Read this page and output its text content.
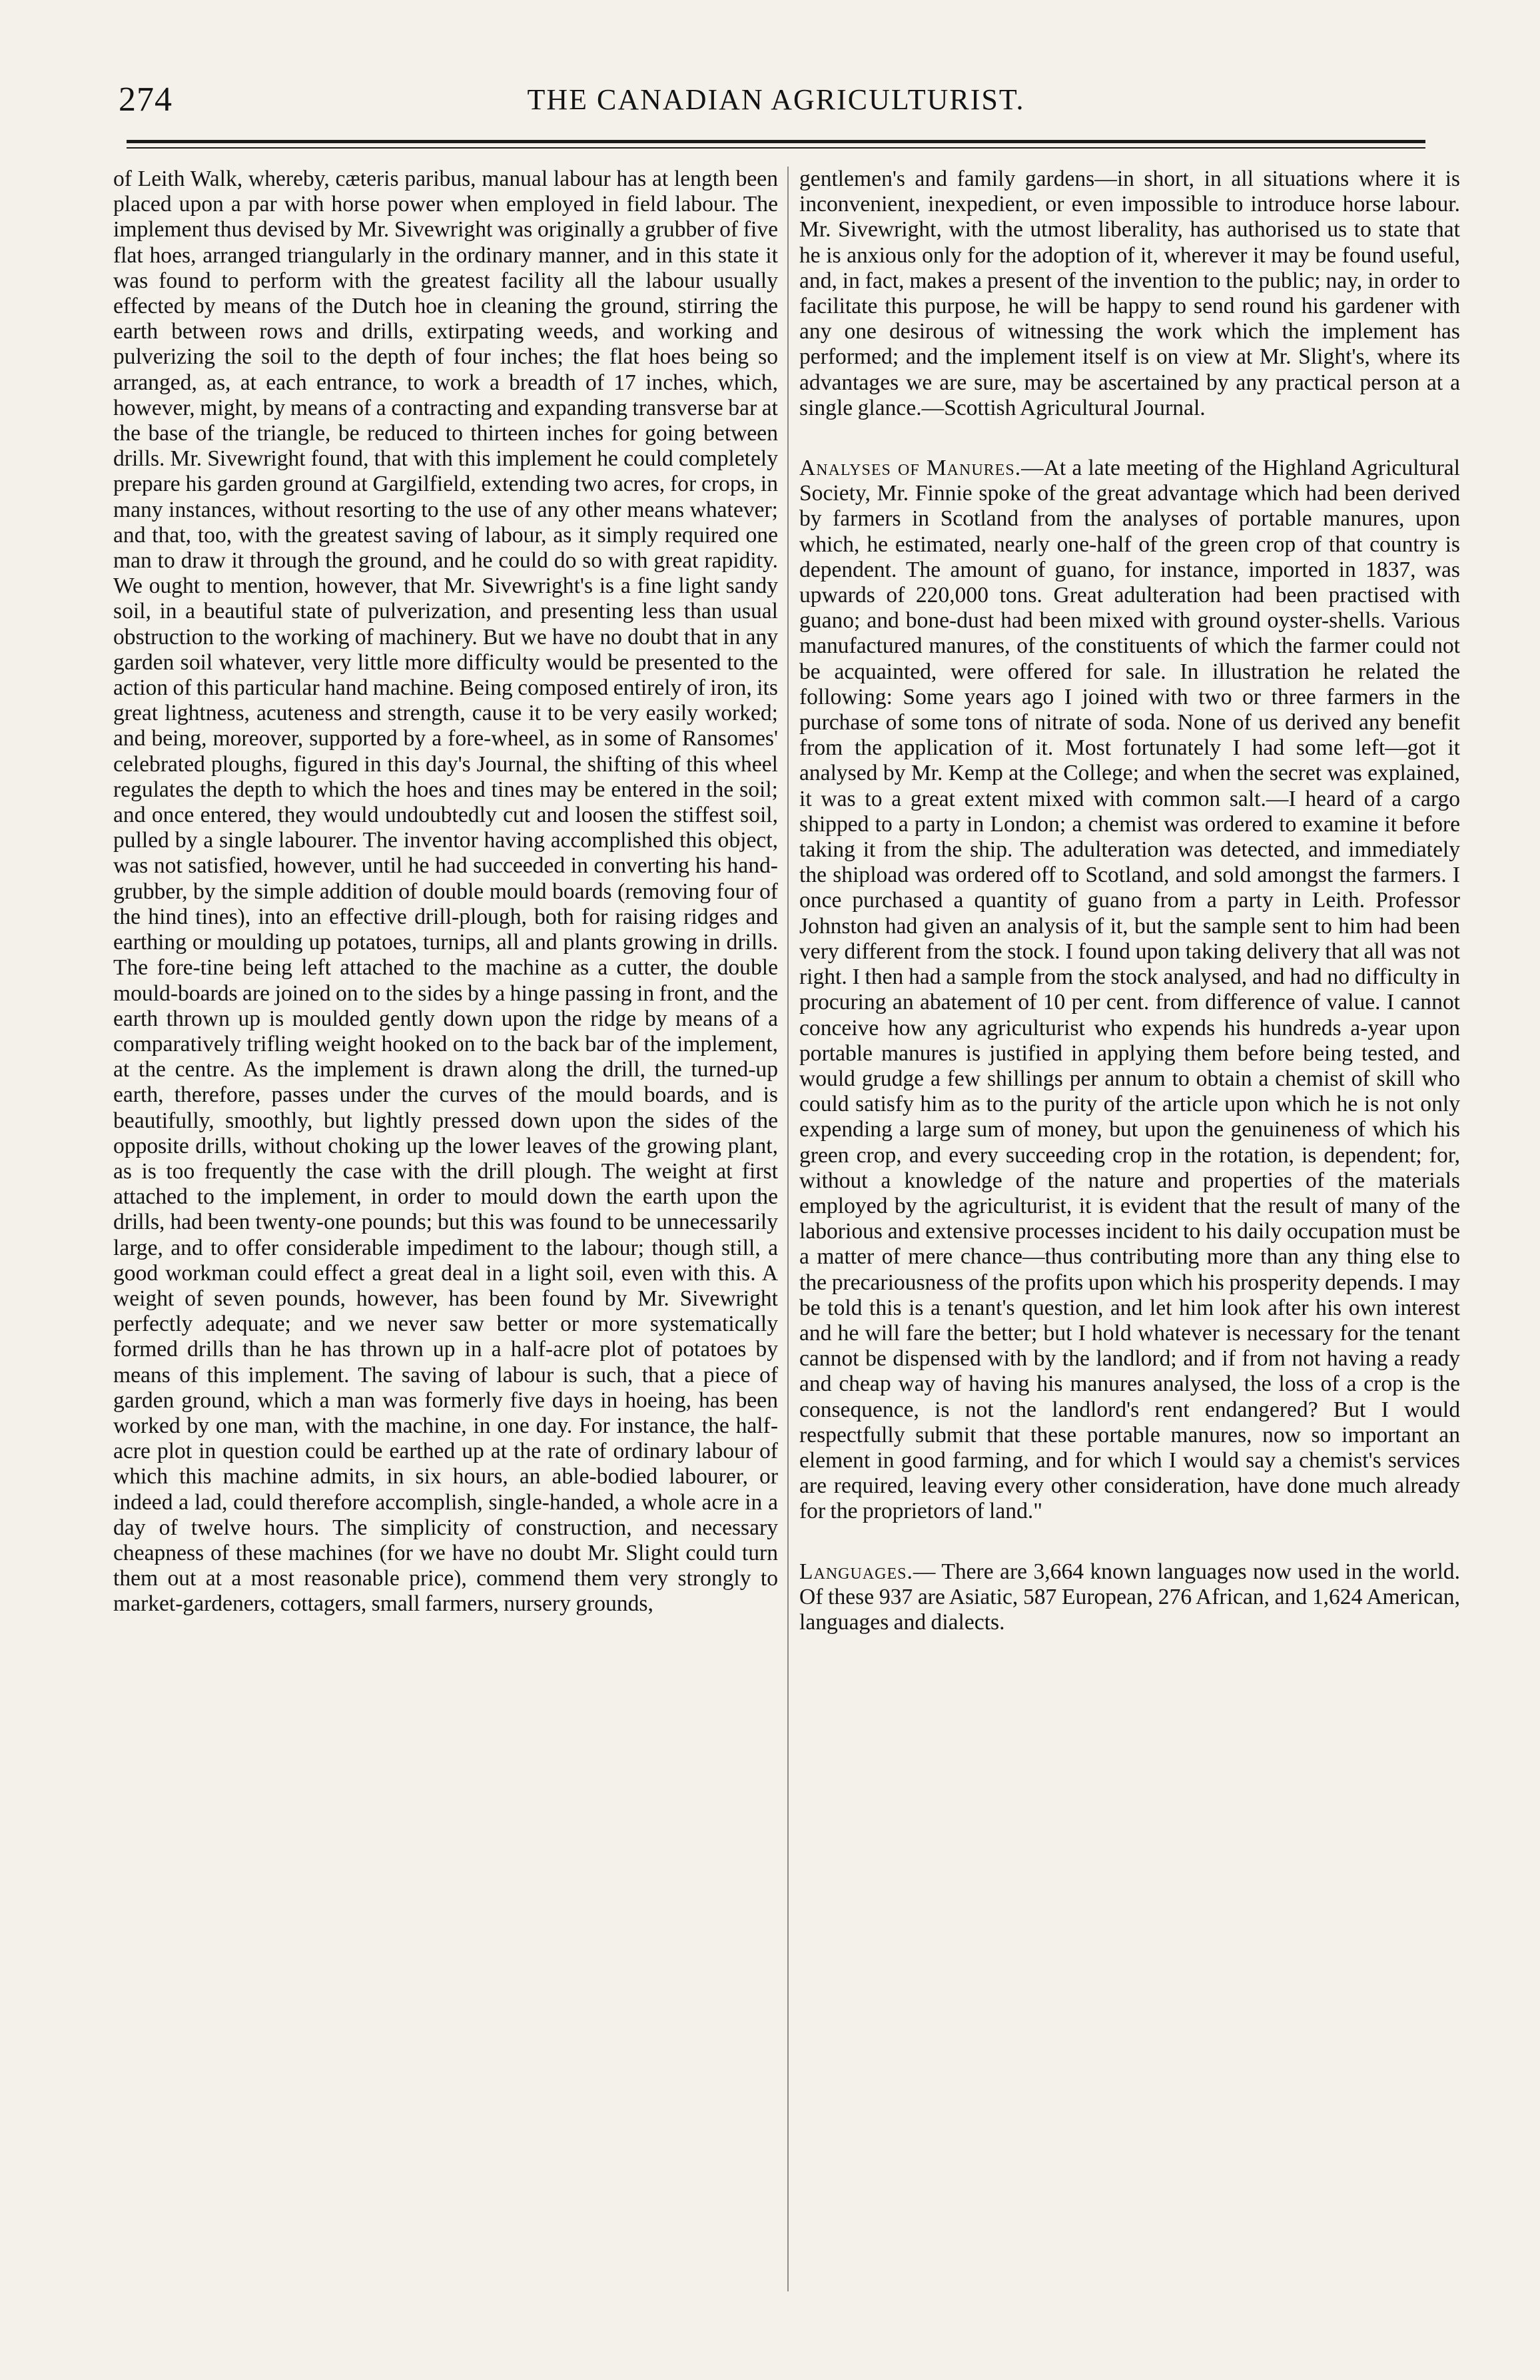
274	THE CANADIAN AGRICULTURIST.

of Leith Walk, whereby, cæteris paribus, manual labour has at length been placed upon a par with horse power when employed in field labour. The implement thus devised by Mr. Sivewright was originally a grubber of five flat hoes, arranged triangularly in the ordinary manner, and in this state it was found to perform with the greatest facility all the labour usually effected by means of the Dutch hoe in cleaning the ground, stirring the earth between rows and drills, extirpating weeds, and working and pulverizing the soil to the depth of four inches; the flat hoes being so arranged, as, at each entrance, to work a breadth of 17 inches, which, however, might, by means of a contracting and expanding transverse bar at the base of the triangle, be reduced to thirteen inches for going between drills. Mr. Sivewright found, that with this implement he could completely prepare his garden ground at Gargilfield, extending two acres, for crops, in many instances, without resorting to the use of any other means whatever; and that, too, with the greatest saving of labour, as it simply required one man to draw it through the ground, and he could do so with great rapidity. We ought to mention, however, that Mr. Sivewright's is a fine light sandy soil, in a beautiful state of pulverization, and presenting less than usual obstruction to the working of machinery. But we have no doubt that in any garden soil whatever, very little more difficulty would be presented to the action of this particular hand machine. Being composed entirely of iron, its great lightness, acuteness and strength, cause it to be very easily worked; and being, moreover, supported by a fore-wheel, as in some of Ransomes' celebrated ploughs, figured in this day's Journal, the shifting of this wheel regulates the depth to which the hoes and tines may be entered in the soil; and once entered, they would undoubtedly cut and loosen the stiffest soil, pulled by a single labourer. The inventor having accomplished this object, was not satisfied, however, until he had succeeded in converting his hand-grubber, by the simple addition of double mould boards (removing four of the hind tines), into an effective drill-plough, both for raising ridges and earthing or moulding up potatoes, turnips, all and plants growing in drills. The fore-tine being left attached to the machine as a cutter, the double mould-boards are joined on to the sides by a hinge passing in front, and the earth thrown up is moulded gently down upon the ridge by means of a comparatively trifling weight hooked on to the back bar of the implement, at the centre. As the implement is drawn along the drill, the turned-up earth, therefore, passes under the curves of the mould boards, and is beautifully, smoothly, but lightly pressed down upon the sides of the opposite drills, without choking up the lower leaves of the growing plant, as is too frequently the case with the drill plough. The weight at first attached to the implement, in order to mould down the earth upon the drills, had been twenty-one pounds; but this was found to be unnecessarily large, and to offer considerable impediment to the labour; though still, a good workman could effect a great deal in a light soil, even with this. A weight of seven pounds, however, has been found by Mr. Sivewright perfectly adequate; and we never saw better or more systematically formed drills than he has thrown up in a half-acre plot of potatoes by means of this implement. The saving of labour is such, that a piece of garden ground, which a man was formerly five days in hoeing, has been worked by one man, with the machine, in one day. For instance, the half-acre plot in question could be earthed up at the rate of ordinary labour of which this machine admits, in six hours, an able-bodied labourer, or indeed a lad, could therefore accomplish, single-handed, a whole acre in a day of twelve hours. The simplicity of construction, and necessary cheapness of these machines (for we have no doubt Mr. Slight could turn them out at a most reasonable price), commend them very strongly to market-gardeners, cottagers, small farmers, nursery grounds,

gentlemen's and family gardens—in short, in all situations where it is inconvenient, inexpedient, or even impossible to introduce horse labour. Mr. Sivewright, with the utmost liberality, has authorised us to state that he is anxious only for the adoption of it, wherever it may be found useful, and, in fact, makes a present of the invention to the public; nay, in order to facilitate this purpose, he will be happy to send round his gardener with any one desirous of witnessing the work which the implement has performed; and the implement itself is on view at Mr. Slight's, where its advantages we are sure, may be ascertained by any practical person at a single glance.—Scottish Agricultural Journal.

Analyses of Manures.—At a late meeting of the Highland Agricultural Society, Mr. Finnie spoke of the great advantage which had been derived by farmers in Scotland from the analyses of portable manures, upon which, he estimated, nearly one-half of the green crop of that country is dependent. The amount of guano, for instance, imported in 1837, was upwards of 220,000 tons. Great adulteration had been practised with guano; and bone-dust had been mixed with ground oyster-shells. Various manufactured manures, of the constituents of which the farmer could not be acquainted, were offered for sale. In illustration he related the following: Some years ago I joined with two or three farmers in the purchase of some tons of nitrate of soda. None of us derived any benefit from the application of it. Most fortunately I had some left—got it analysed by Mr. Kemp at the College; and when the secret was explained, it was to a great extent mixed with common salt.—I heard of a cargo shipped to a party in London; a chemist was ordered to examine it before taking it from the ship. The adulteration was detected, and immediately the shipload was ordered off to Scotland, and sold amongst the farmers. I once purchased a quantity of guano from a party in Leith. Professor Johnston had given an analysis of it, but the sample sent to him had been very different from the stock. I found upon taking delivery that all was not right. I then had a sample from the stock analysed, and had no difficulty in procuring an abatement of 10 per cent. from difference of value. I cannot conceive how any agriculturist who expends his hundreds a-year upon portable manures is justified in applying them before being tested, and would grudge a few shillings per annum to obtain a chemist of skill who could satisfy him as to the purity of the article upon which he is not only expending a large sum of money, but upon the genuineness of which his green crop, and every succeeding crop in the rotation, is dependent; for, without a knowledge of the nature and properties of the materials employed by the agriculturist, it is evident that the result of many of the laborious and extensive processes incident to his daily occupation must be a matter of mere chance—thus contributing more than any thing else to the precariousness of the profits upon which his prosperity depends. I may be told this is a tenant's question, and let him look after his own interest and he will fare the better; but I hold whatever is necessary for the tenant cannot be dispensed with by the landlord; and if from not having a ready and cheap way of having his manures analysed, the loss of a crop is the consequence, is not the landlord's rent endangered? But I would respectfully submit that these portable manures, now so important an element in good farming, and for which I would say a chemist's services are required, leaving every other consideration, have done much already for the proprietors of land."

Languages.— There are 3,664 known languages now used in the world. Of these 937 are Asiatic, 587 European, 276 African, and 1,624 American, languages and dialects.
